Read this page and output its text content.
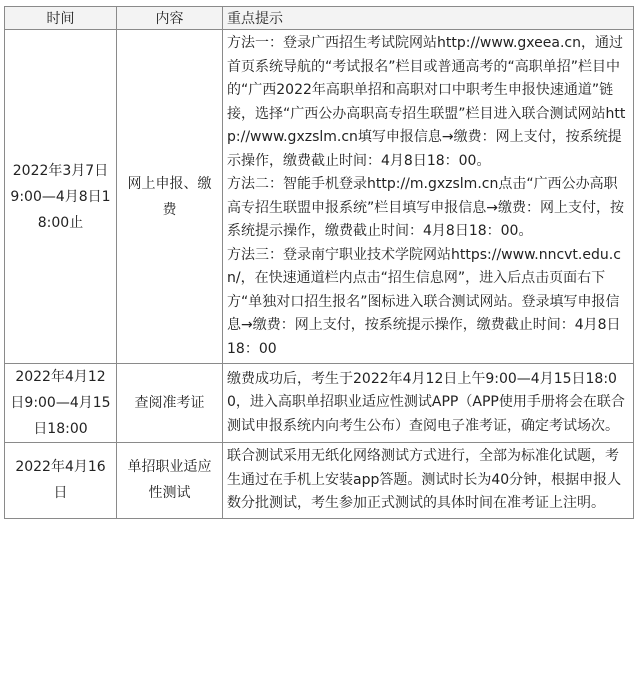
时间	内容	重点提示
2022年3月7日9:00—4月8日18:00止	网上申报、缴费	方法一：登录广西招生考试院网站http://www.gxeea.cn，通过首页系统导航的“考试报名”栏目或普通高考的“高职单招”栏目中的“广西2022年高职单招和高职对口中职考生申报快速通道”链接，选择“广西公办高职高专招生联盟”栏目进入联合测试网站http://www.gxzslm.cn填写申报信息→缴费：网上支付，按系统提示操作，缴费截止时间：4月8日18：00。
方法二：智能手机登录http://m.gxzslm.cn点击“广西公办高职高专招生联盟申报系统”栏目填写申报信息→缴费：网上支付，按系统提示操作，缴费截止时间：4月8日18：00。
方法三：登录南宁职业技术学院网站https://www.nncvt.edu.cn/，在快速通道栏内点击“招生信息网”，进入后点击页面右下方“单独对口招生报名”图标进入联合测试网站。登录填写申报信息→缴费：网上支付，按系统提示操作，缴费截止时间：4月8日18：00

2022年4月12日9:00—4月15日18:00	查阅准考证	缴费成功后，考生于2022年4月12日上午9:00—4月15日18:00，进入高职单招职业适应性测试APP（APP使用手册将会在联合测试申报系统内向考生公布）查阅电子准考证，确定考试场次。

2022年4月16日	单招职业适应性测试	联合测试采用无纸化网络测试方式进行，全部为标准化试题，考生通过在手机上安装app答题。测试时长为40分钟，根据申报人数分批测试，考生参加正式测试的具体时间在准考证上注明。
